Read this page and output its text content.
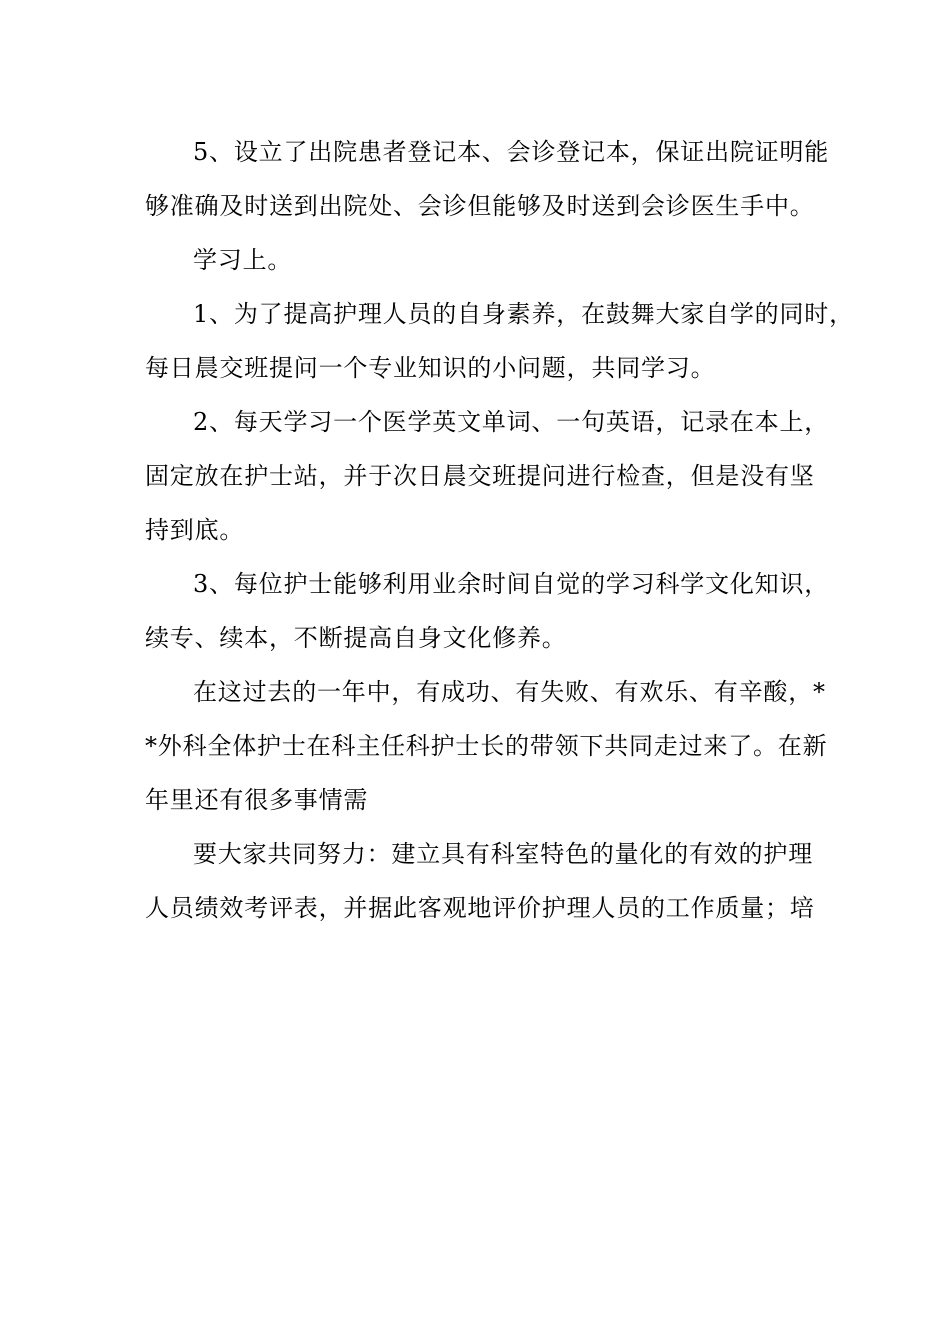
5、设立了出院患者登记本、会诊登记本，保证出院证明能
够准确及时送到出院处、会诊但能够及时送到会诊医生手中。
学习上。
1、为了提高护理人员的自身素养，在鼓舞大家自学的同时，
每日晨交班提问一个专业知识的小问题，共同学习。
2、每天学习一个医学英文单词、一句英语，记录在本上，
固定放在护士站，并于次日晨交班提问进行检查，但是没有坚
持到底。
3、每位护士能够利用业余时间自觉的学习科学文化知识，
续专、续本，不断提高自身文化修养。
在这过去的一年中，有成功、有失败、有欢乐、有辛酸，*
*外科全体护士在科主任科护士长的带领下共同走过来了。在新
年里还有很多事情需
要大家共同努力：建立具有科室特色的量化的有效的护理
人员绩效考评表，并据此客观地评价护理人员的工作质量；培
